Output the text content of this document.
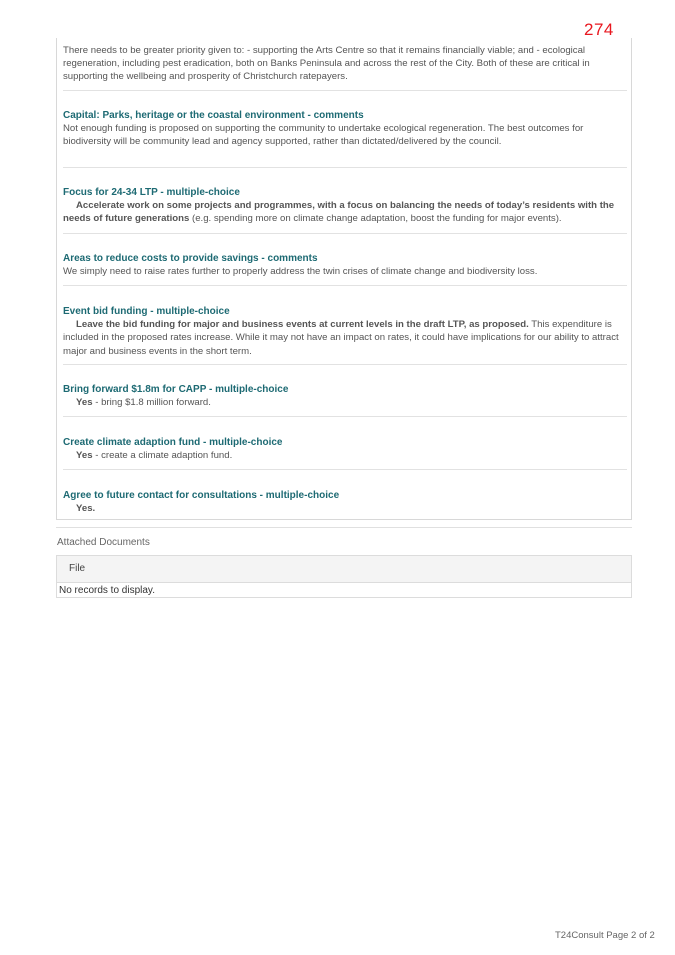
274
There needs to be greater priority given to: - supporting the Arts Centre so that it remains financially viable; and - ecological regeneration, including pest eradication, both on Banks Peninsula and across the rest of the City. Both of these are critical in supporting the wellbeing and prosperity of Christchurch ratepayers.
Capital: Parks, heritage or the coastal environment - comments
Not enough funding is proposed on supporting the community to undertake ecological regeneration. The best outcomes for biodiversity will be community lead and agency supported, rather than dictated/delivered by the council.
Focus for 24-34 LTP - multiple-choice
Accelerate work on some projects and programmes, with a focus on balancing the needs of today’s residents with the needs of future generations (e.g. spending more on climate change adaptation, boost the funding for major events).
Areas to reduce costs to provide savings - comments
We simply need to raise rates further to properly address the twin crises of climate change and biodiversity loss.
Event bid funding - multiple-choice
Leave the bid funding for major and business events at current levels in the draft LTP, as proposed. This expenditure is included in the proposed rates increase. While it may not have an impact on rates, it could have implications for our ability to attract major and business events in the short term.
Bring forward $1.8m for CAPP - multiple-choice
Yes - bring $1.8 million forward.
Create climate adaption fund - multiple-choice
Yes - create a climate adaption fund.
Agree to future contact for consultations - multiple-choice
Yes.
Attached Documents
File
No records to display.
T24Consult Page 2 of 2
